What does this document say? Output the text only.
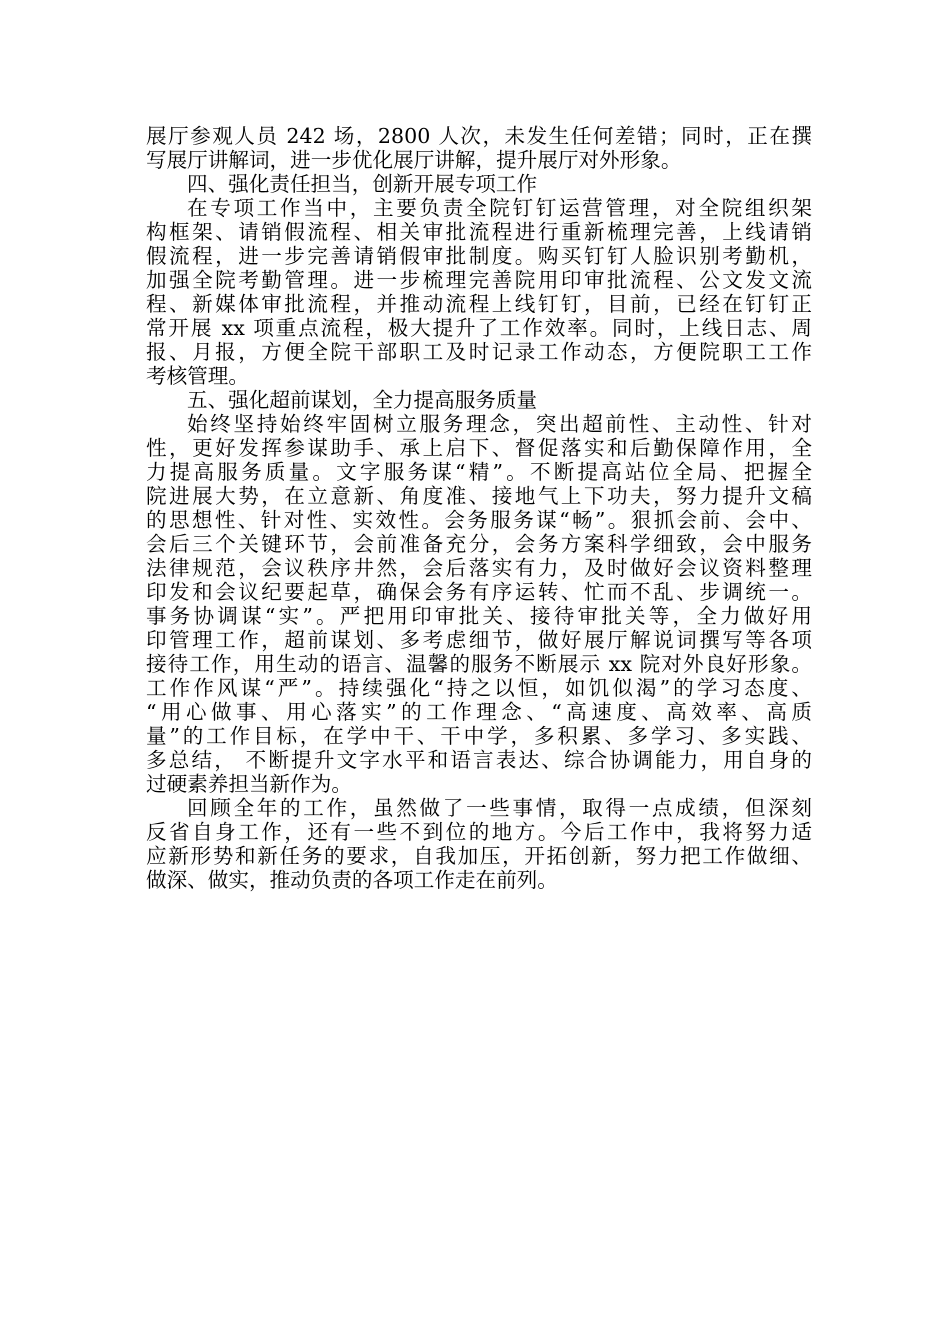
展厅参观人员 242 场，2800 人次，未发生任何差错；同时，正在撰
写展厅讲解词，进一步优化展厅讲解，提升展厅对外形象。
四、强化责任担当，创新开展专项工作
在专项工作当中，主要负责全院钉钉运营管理，对全院组织架
构框架、请销假流程、相关审批流程进行重新梳理完善，上线请销
假流程，进一步完善请销假审批制度。购买钉钉人脸识别考勤机，
加强全院考勤管理。进一步梳理完善院用印审批流程、公文发文流
程、新媒体审批流程，并推动流程上线钉钉，目前，已经在钉钉正
常开展 xx 项重点流程，极大提升了工作效率。同时，上线日志、周
报、月报，方便全院干部职工及时记录工作动态，方便院职工工作
考核管理。
五、强化超前谋划，全力提高服务质量
始终坚持始终牢固树立服务理念，突出超前性、主动性、针对
性，更好发挥参谋助手、承上启下、督促落实和后勤保障作用，全
力提高服务质量。文字服务谋“精”。不断提高站位全局、把握全
院进展大势，在立意新、角度准、接地气上下功夫，努力提升文稿
的思想性、针对性、实效性。会务服务谋“畅”。狠抓会前、会中、
会后三个关键环节，会前准备充分，会务方案科学细致，会中服务
法律规范，会议秩序井然，会后落实有力，及时做好会议资料整理
印发和会议纪要起草，确保会务有序运转、忙而不乱、步调统一。
事务协调谋“实”。严把用印审批关、接待审批关等，全力做好用
印管理工作，超前谋划、多考虑细节，做好展厅解说词撰写等各项
接待工作，用生动的语言、温馨的服务不断展示 xx 院对外良好形象。
工作作风谋“严”。持续强化“持之以恒，如饥似渴”的学习态度、
“用心做事、用心落实”的工作理念、“高速度、高效率、高质
量”的工作目标，在学中干、干中学，多积累、多学习、多实践、
多总结， 不断提升文字水平和语言表达、综合协调能力，用自身的
过硬素养担当新作为。
回顾全年的工作，虽然做了一些事情，取得一点成绩，但深刻
反省自身工作，还有一些不到位的地方。今后工作中，我将努力适
应新形势和新任务的要求，自我加压，开拓创新，努力把工作做细、
做深、做实，推动负责的各项工作走在前列。
